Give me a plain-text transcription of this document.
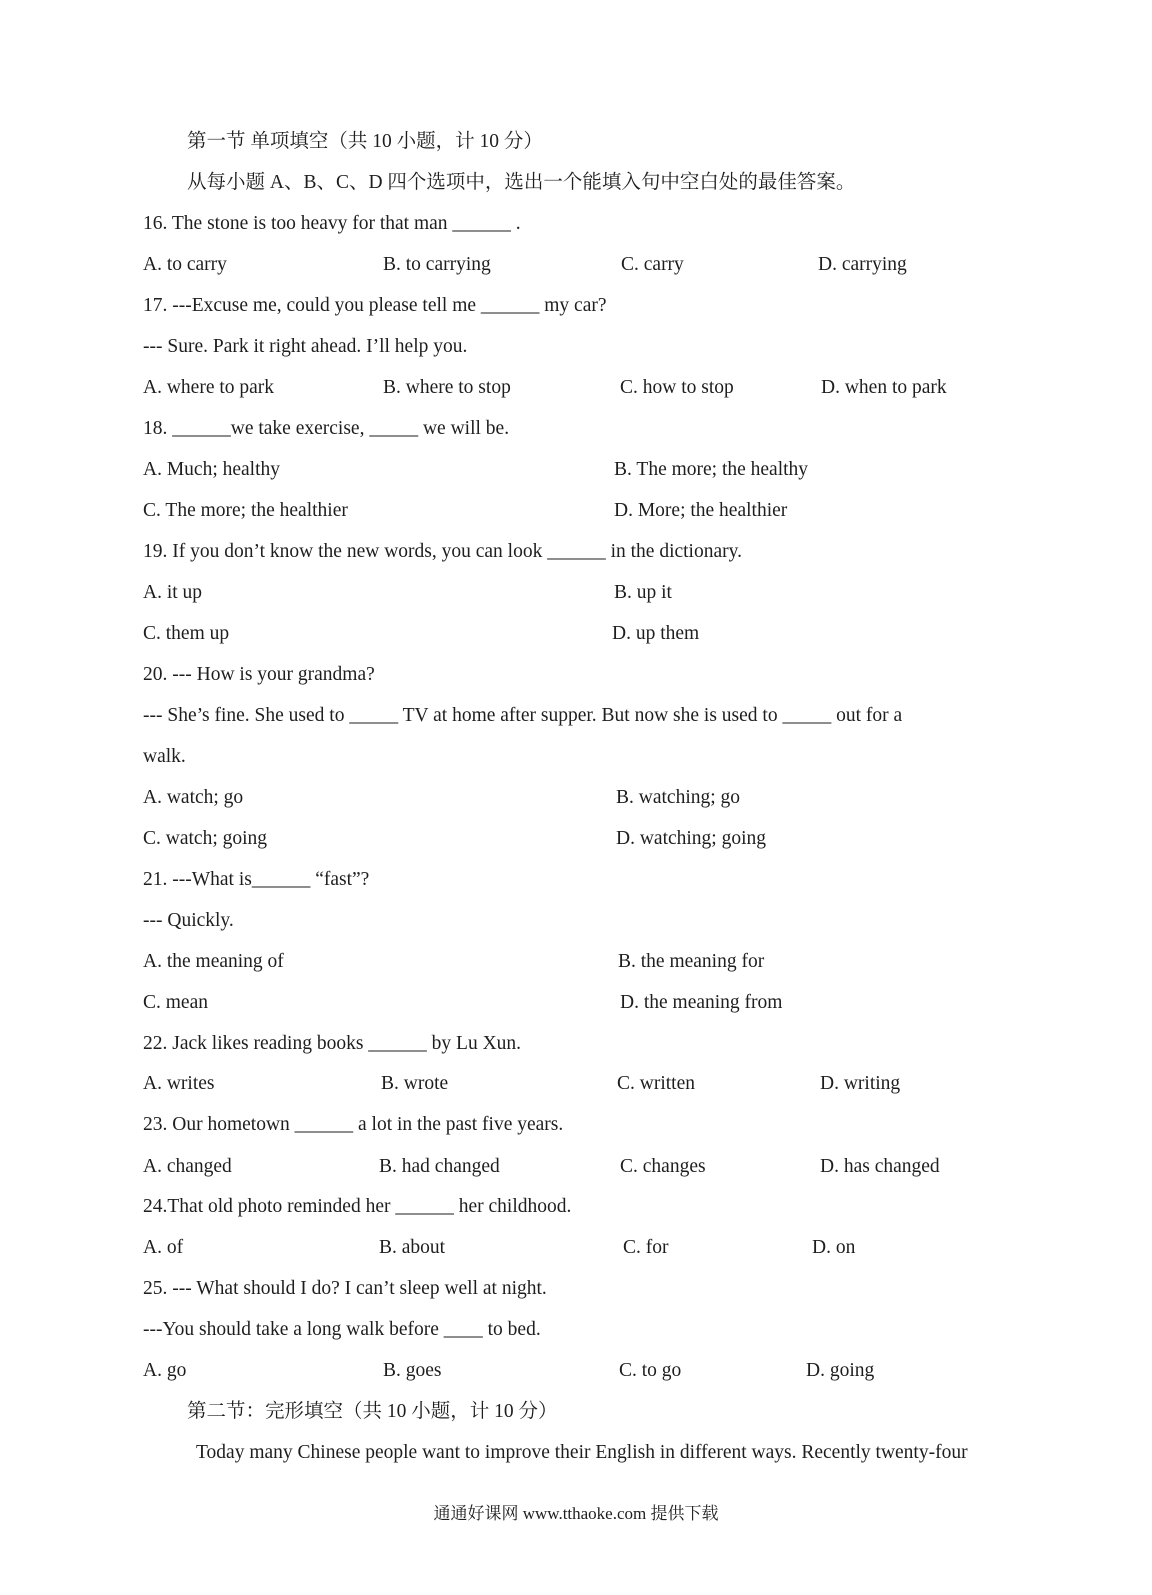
第一节 单项填空（共 10 小题，计 10 分）
从每小题 A、B、C、D 四个选项中，选出一个能填入句中空白处的最佳答案。
16. The stone is too heavy for that man ______ .
A. to carry	B. to carrying	C. carry	D. carrying
17. ---Excuse me, could you please tell me ______ my car?
--- Sure. Park it right ahead. I’ll help you.
A. where to park	B. where to stop	C. how to stop	D. when to park
18. ______we take exercise, _____ we will be.
A. Much; healthy	B. The more; the healthy
C. The more; the healthier	D. More; the healthier
19. If you don’t know the new words, you can look ______ in the dictionary.
A. it up	B. up it
C. them up	D. up them
20. --- How is your grandma?
--- She’s fine. She used to _____ TV at home after supper. But now she is used to _____ out for a
walk.
A. watch; go	B. watching; go
C. watch; going	D. watching; going
21. ---What is______ “fast”?
--- Quickly.
A. the meaning of	B. the meaning for
C. mean	D. the meaning from
22. Jack likes reading books ______ by Lu Xun.
A. writes	B. wrote	C. written	D. writing
23. Our hometown ______ a lot in the past five years.
A. changed	B. had changed	C. changes	D. has changed
24.That old photo reminded her ______ her childhood.
A. of	B. about	C. for	D. on
25. --- What should I do? I can’t sleep well at night.
---You should take a long walk before ____ to bed.
A. go	B. goes	C. to go	D. going
第二节：完形填空（共 10 小题，计 10 分）
Today many Chinese people want to improve their English in different ways. Recently twenty-four
通通好课网 www.tthaoke.com 提供下载
